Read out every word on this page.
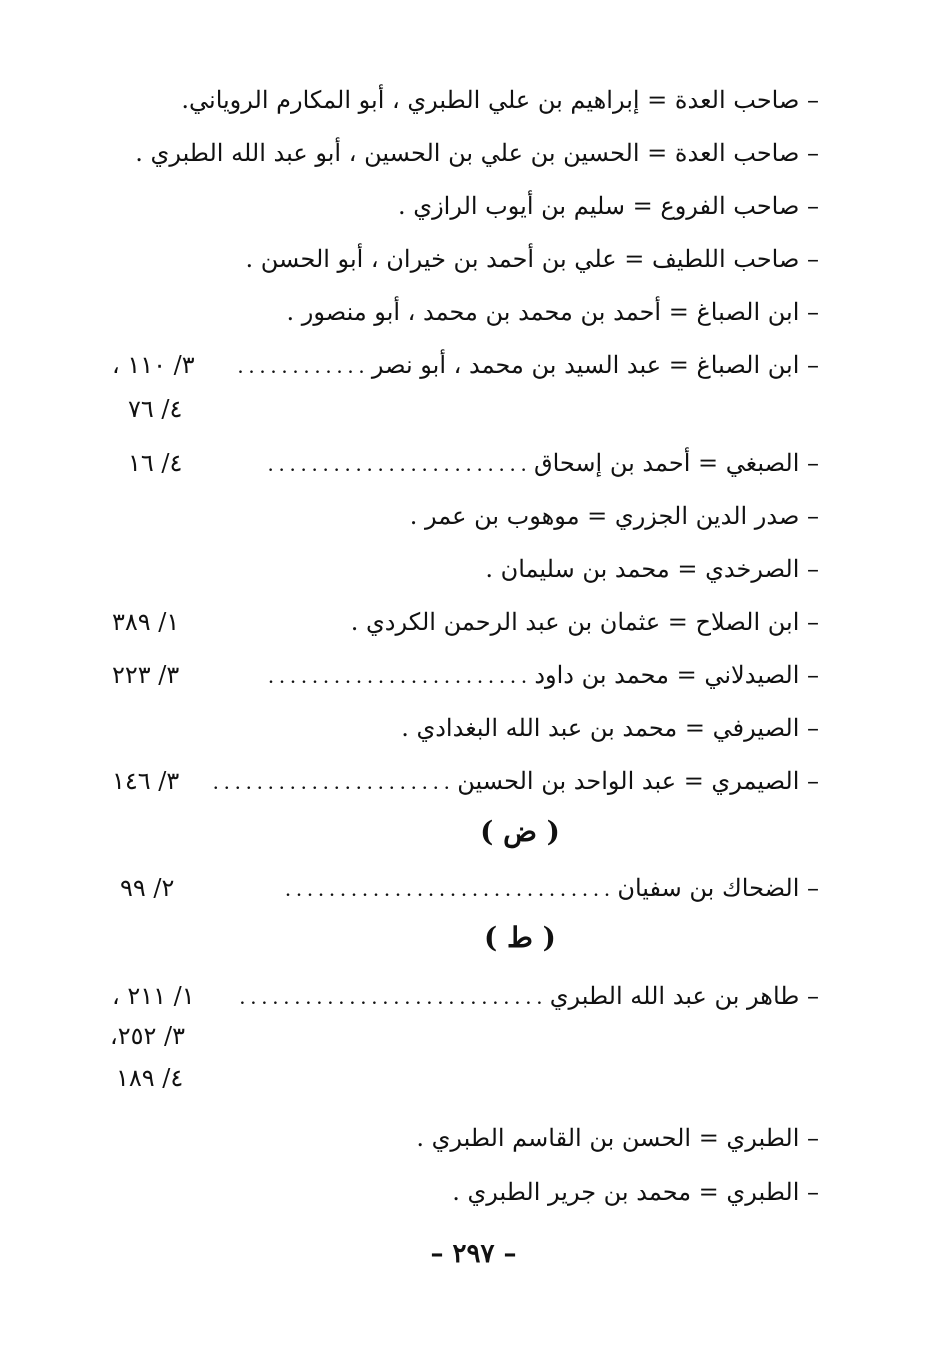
– صاحب العدة = إبراهيم بن علي الطبري ، أبو المكارم الروياني.
– صاحب العدة = الحسين بن علي بن الحسين ، أبو عبد الله الطبري .
– صاحب الفروع = سليم بن أيوب الرازي .
– صاحب اللطيف = علي بن أحمد بن خيران ، أبو الحسن .
– ابن الصباغ = أحمد بن محمد بن محمد ، أبو منصور .
– ابن الصباغ = عبد السيد بن محمد ، أبو نصر . . . . . . . . . . . .
٣/ ١١٠ ،
٤/ ٧٦
– الصبغي = أحمد بن إسحاق . . . . . . . . . . . . . . . . . . . . . . . .
٤/ ١٦
– صدر الدين الجزري = موهوب بن عمر .
– الصرخدي = محمد بن سليمان .
– ابن الصلاح = عثمان بن عبد الرحمن الكردي .
١/ ٣٨٩
– الصيدلاني = محمد بن داود . . . . . . . . . . . . . . . . . . . . . . . .
٣/ ٢٢٣
– الصيرفي = محمد بن عبد الله البغدادي .
– الصيمري = عبد الواحد بن الحسين . . . . . . . . . . . . . . . . . . . . . .
٣/ ١٤٦
( ض )
– الضحاك بن سفيان . . . . . . . . . . . . . . . . . . . . . . . . . . . . . .
٢/ ٩٩
( ط )
– طاهر بن عبد الله الطبري . . . . . . . . . . . . . . . . . . . . . . . . . . . .
١/ ٢١١ ،
٣/ ٢٥٢،
٤/ ١٨٩
– الطبري = الحسن بن القاسم الطبري .
– الطبري = محمد بن جرير الطبري .
– ٢٩٧ –
